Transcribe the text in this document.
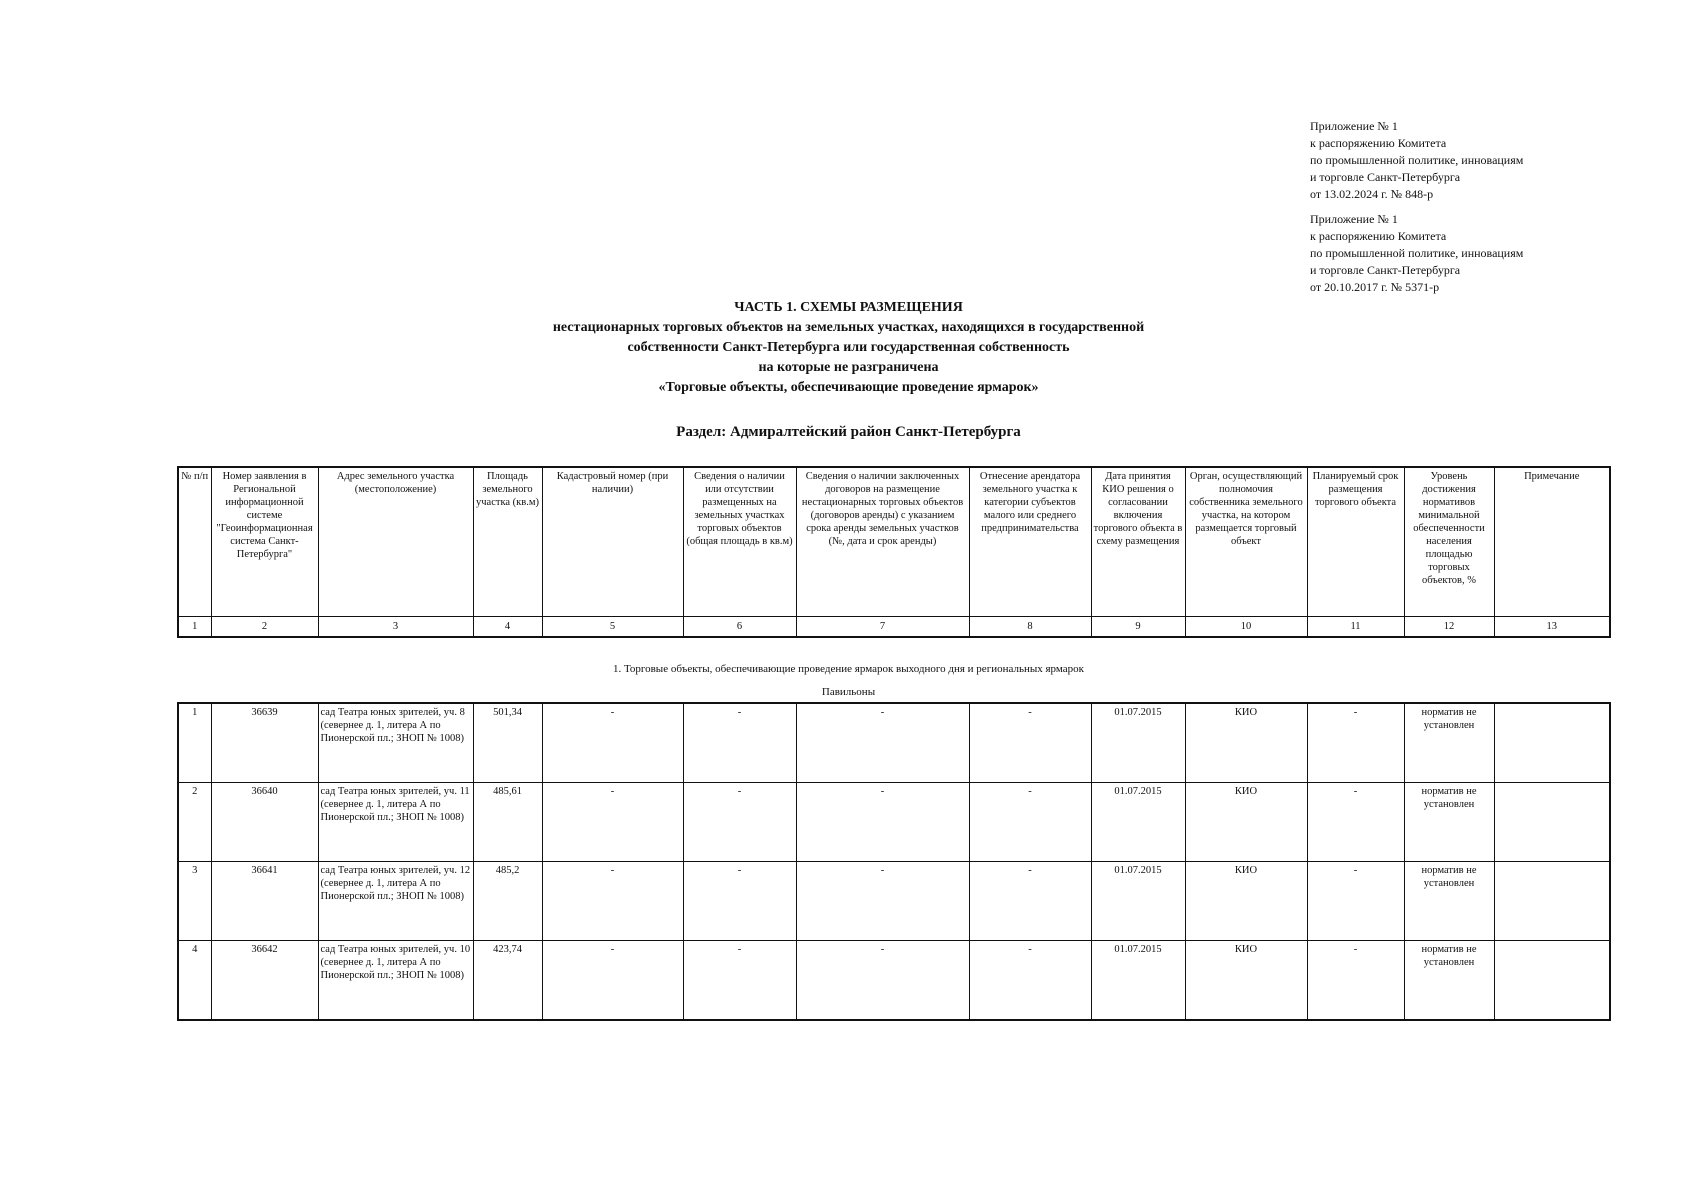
Приложение № 1
к распоряжению Комитета
по промышленной политике, инновациям
и торговле Санкт-Петербурга
от 13.02.2024 г. № 848-р
Приложение № 1
к распоряжению Комитета
по промышленной политике, инновациям
и торговле Санкт-Петербурга
от 20.10.2017 г. № 5371-р
ЧАСТЬ 1. СХЕМЫ РАЗМЕЩЕНИЯ
нестационарных торговых объектов на земельных участках, находящихся в государственной
собственности Санкт-Петербурга или государственная собственность
на которые не разграничена
«Торговые объекты, обеспечивающие проведение ярмарок»
Раздел: Адмиралтейский район Санкт-Петербурга
№ п/п	Номер заявления в Региональной информационной системе "Геоинформационная система Санкт-Петербурга"	Адрес земельного участка (местоположение)	Площадь земельного участка (кв.м)	Кадастровый номер (при наличии)	Сведения о наличии или отсутствии размещенных на земельных участках торговых объектов (общая площадь в кв.м)	Сведения о наличии заключенных договоров на размещение нестационарных торговых объектов (договоров аренды) с указанием срока аренды земельных участков (№, дата и срок аренды)	Отнесение арендатора земельного участка к категории субъектов малого или среднего предпринимательства	Дата принятия КИО решения о согласовании включения торгового объекта в схему размещения	Орган, осуществляющий полномочия собственника земельного участка, на котором размещается торговый объект	Планируемый срок размещения торгового объекта	Уровень достижения нормативов минимальной обеспеченности населения площадью торговых объектов, %	Примечание
1	2	3	4	5	6	7	8	9	10	11	12	13
1. Торговые объекты, обеспечивающие проведение ярмарок выходного дня и региональных ярмарок
Павильоны
1	36639	сад Театра юных зрителей, уч. 8 (севернее д. 1, литера А по Пионерской пл.; ЗНОП № 1008)	501,34	-	-	-	-	01.07.2015	КИО	-	норматив не установлен	
2	36640	сад Театра юных зрителей, уч. 11 (севернее д. 1, литера А по Пионерской пл.; ЗНОП № 1008)	485,61	-	-	-	-	01.07.2015	КИО	-	норматив не установлен	
3	36641	сад Театра юных зрителей, уч. 12 (севернее д. 1, литера А по Пионерской пл.; ЗНОП № 1008)	485,2	-	-	-	-	01.07.2015	КИО	-	норматив не установлен	
4	36642	сад Театра юных зрителей, уч. 10 (севернее д. 1, литера А по Пионерской пл.; ЗНОП № 1008)	423,74	-	-	-	-	01.07.2015	КИО	-	норматив не установлен	
